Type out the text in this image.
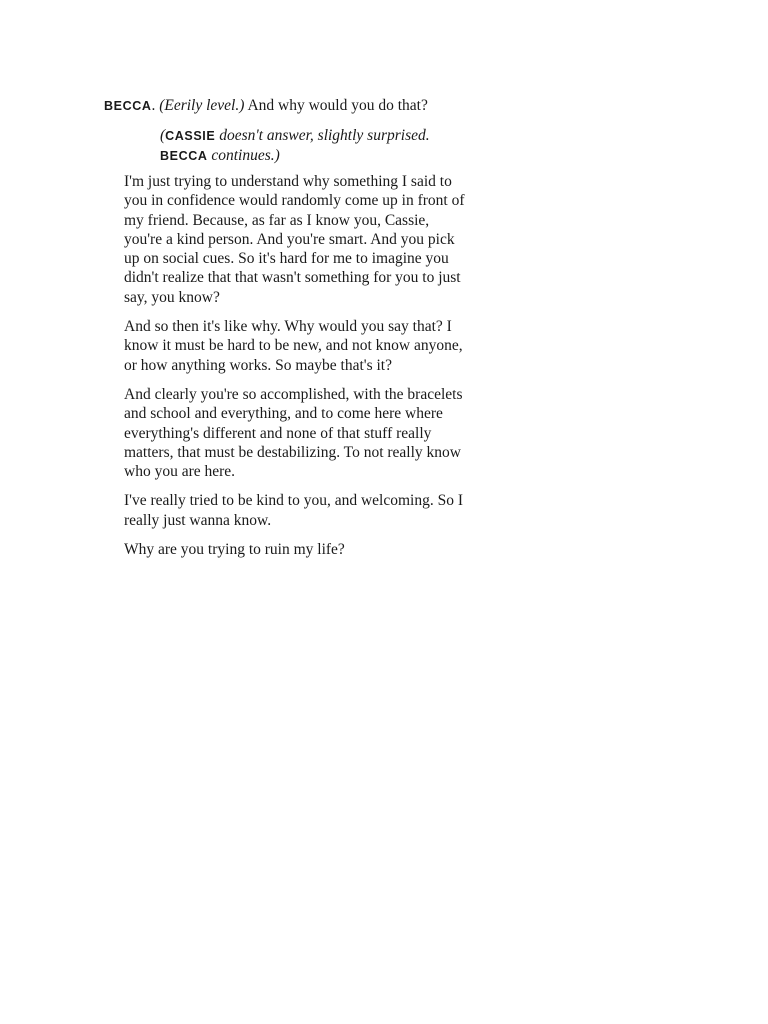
BECCA. (Eerily level.) And why would you do that?
(CASSIE doesn't answer, slightly surprised.
BECCA continues.)

I'm just trying to understand why something I said to you in confidence would randomly come up in front of my friend. Because, as far as I know you, Cassie, you're a kind person. And you're smart. And you pick up on social cues. So it's hard for me to imagine you didn't realize that that wasn't something for you to just say, you know?

And so then it's like why. Why would you say that? I know it must be hard to be new, and not know anyone, or how anything works. So maybe that's it?

And clearly you're so accomplished, with the bracelets and school and everything, and to come here where everything's different and none of that stuff really matters, that must be destabilizing. To not really know who you are here.

I've really tried to be kind to you, and welcoming. So I really just wanna know.

Why are you trying to ruin my life?
